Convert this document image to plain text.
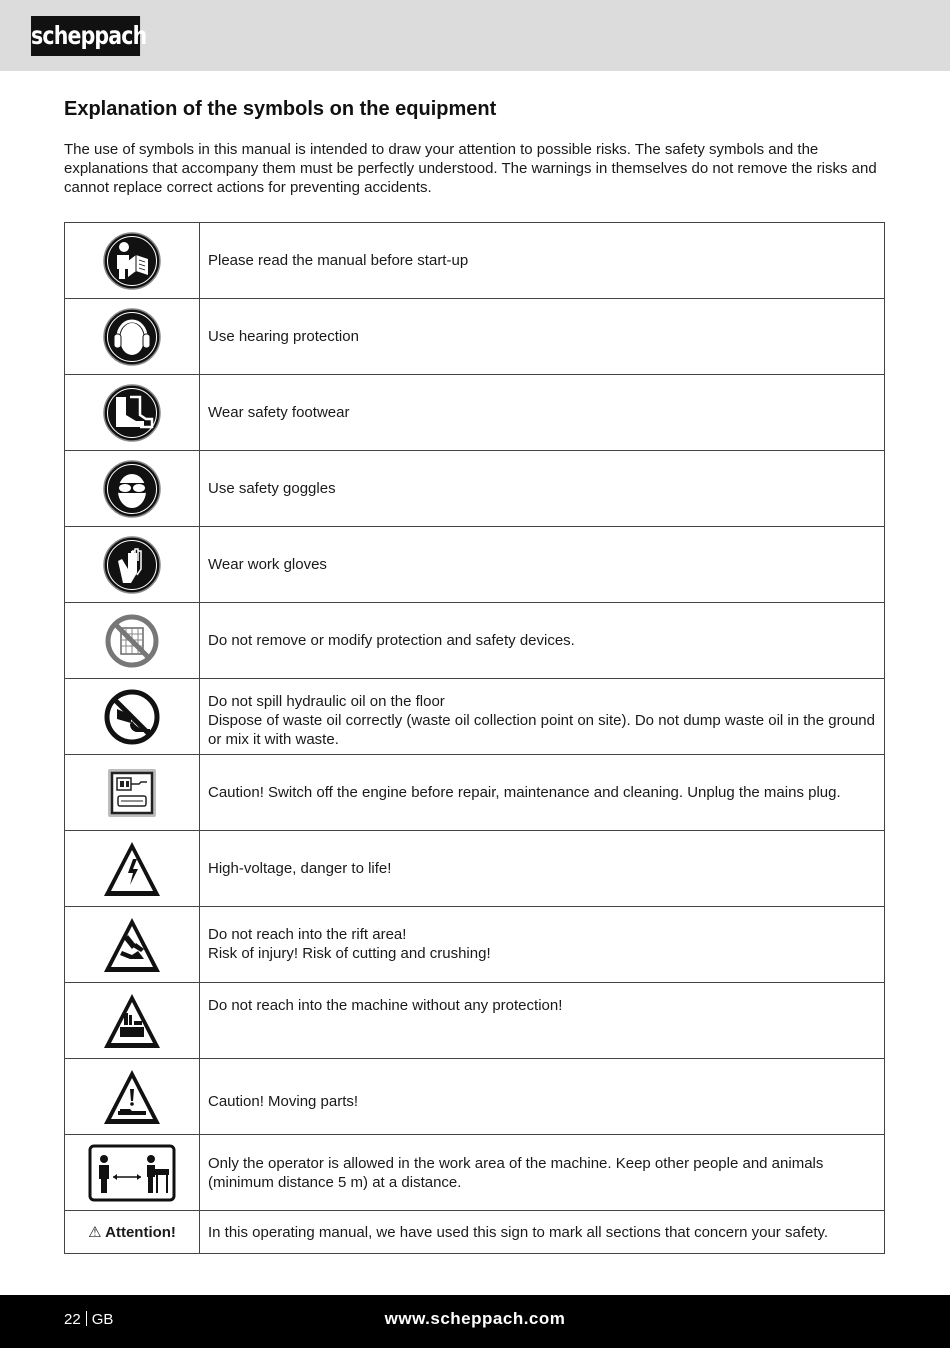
scheppach
Explanation of the symbols on the equipment

The use of symbols in this manual is intended to draw your attention to possible risks. The safety symbols and the explanations that accompany them must be perfectly understood. The warnings in themselves do not remove the risks and cannot replace correct actions for preventing accidents.

Please read the manual before start-up

Use hearing protection

Wear safety footwear

Use safety goggles

Wear work gloves

Do not remove or modify protection and safety devices.

Do not spill hydraulic oil on the floor
Dispose of waste oil correctly (waste oil collection point on site). Do not dump waste oil in the ground or mix it with waste.

Caution! Switch off the engine before repair, maintenance and cleaning. Unplug the mains plug.

High-voltage, danger to life!

Do not reach into the rift area!
Risk of injury! Risk of cutting and crushing!

Do not reach into the machine without any protection!

Caution! Moving parts!

Only the operator is allowed in the work area of the machine. Keep other people and animals (minimum distance 5 m) at a distance.

⚠ Attention!	In this operating manual, we have used this sign to mark all sections that concern your safety.
22 GB	www.scheppach.com
